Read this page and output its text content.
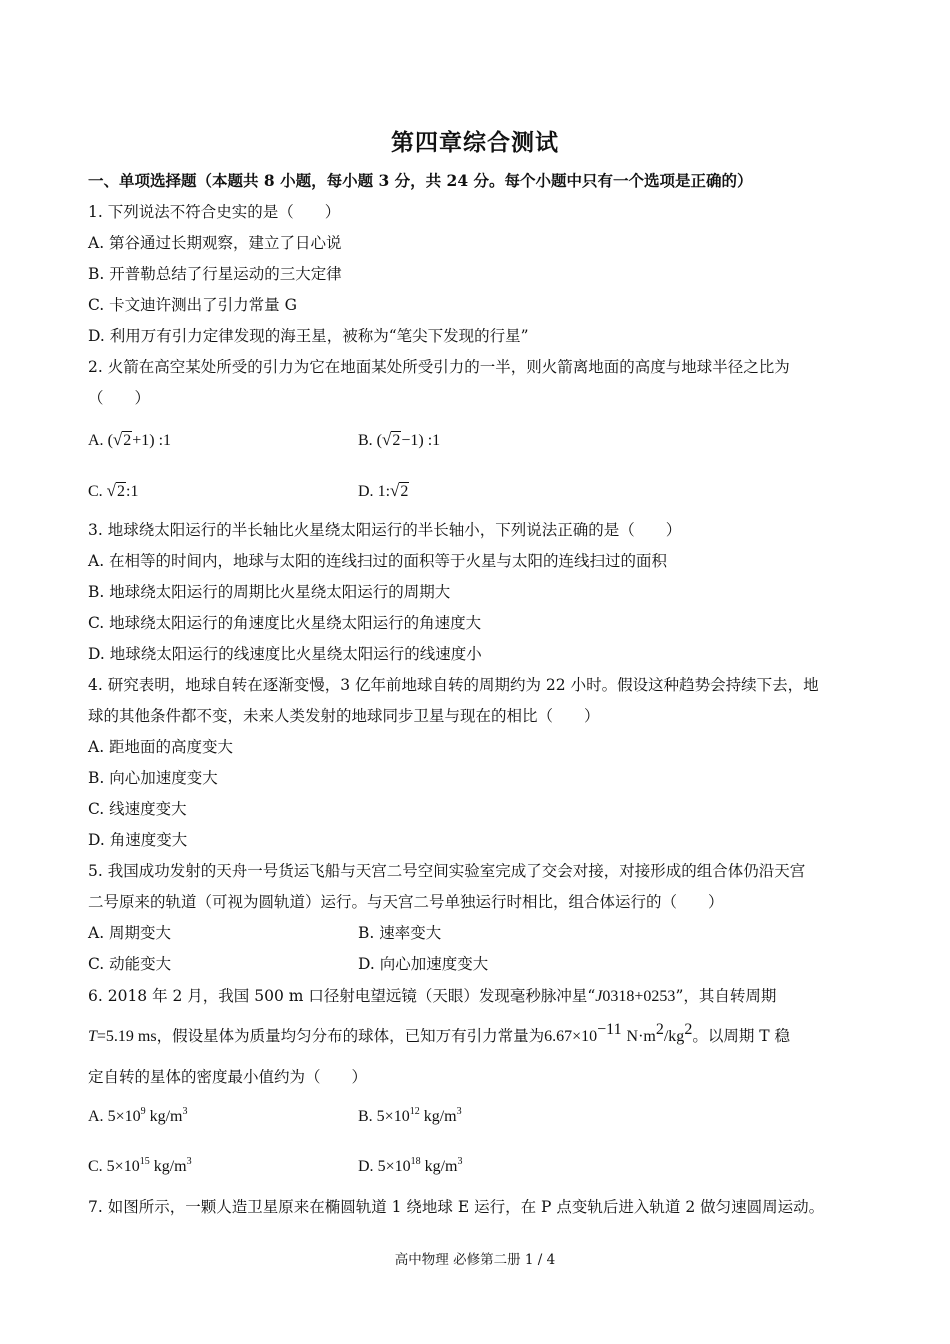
第四章综合测试
一、单项选择题（本题共 8 小题，每小题 3 分，共 24 分。每个小题中只有一个选项是正确的）
1. 下列说法不符合史实的是（　　）
A. 第谷通过长期观察，建立了日心说
B. 开普勒总结了行星运动的三大定律
C. 卡文迪许测出了引力常量 G
D. 利用万有引力定律发现的海王星，被称为“笔尖下发现的行星”
2. 火箭在高空某处所受的引力为它在地面某处所受引力的一半，则火箭离地面的高度与地球半径之比为
（　　）
A. (√2+1) :1	B. (√2−1) :1
C. √2:1	D. 1:√2
3. 地球绕太阳运行的半长轴比火星绕太阳运行的半长轴小，下列说法正确的是（　　）
A. 在相等的时间内，地球与太阳的连线扫过的面积等于火星与太阳的连线扫过的面积
B. 地球绕太阳运行的周期比火星绕太阳运行的周期大
C. 地球绕太阳运行的角速度比火星绕太阳运行的角速度大
D. 地球绕太阳运行的线速度比火星绕太阳运行的线速度小
4. 研究表明，地球自转在逐渐变慢，3 亿年前地球自转的周期约为 22 小时。假设这种趋势会持续下去，地
球的其他条件都不变，未来人类发射的地球同步卫星与现在的相比（　　）
A. 距地面的高度变大
B. 向心加速度变大
C. 线速度变大
D. 角速度变大
5. 我国成功发射的天舟一号货运飞船与天宫二号空间实验室完成了交会对接，对接形成的组合体仍沿天宫
二号原来的轨道（可视为圆轨道）运行。与天宫二号单独运行时相比，组合体运行的（　　）
A. 周期变大	B. 速率变大
C. 动能变大	D. 向心加速度变大
6. 2018 年 2 月，我国 500 m 口径射电望远镜（天眼）发现毫秒脉冲星“J0318+0253”，其自转周期
T=5.19 ms，假设星体为质量均匀分布的球体，已知万有引力常量为$6.67\times 10^{-11}$ $N\cdot m^2/kg^2$。以周期 T 稳
定自转的星体的密度最小值约为（　　）
A. $5\times 10^9$ $kg/m^3$	B. $5\times 10^{12}$ $kg/m^3$
C. $5\times 10^{15}$ $kg/m^3$	D. $5\times 10^{18}$ $kg/m^3$
7. 如图所示，一颗人造卫星原来在椭圆轨道 1 绕地球 E 运行，在 P 点变轨后进入轨道 2 做匀速圆周运动。
高中物理 必修第二册 1 / 4
